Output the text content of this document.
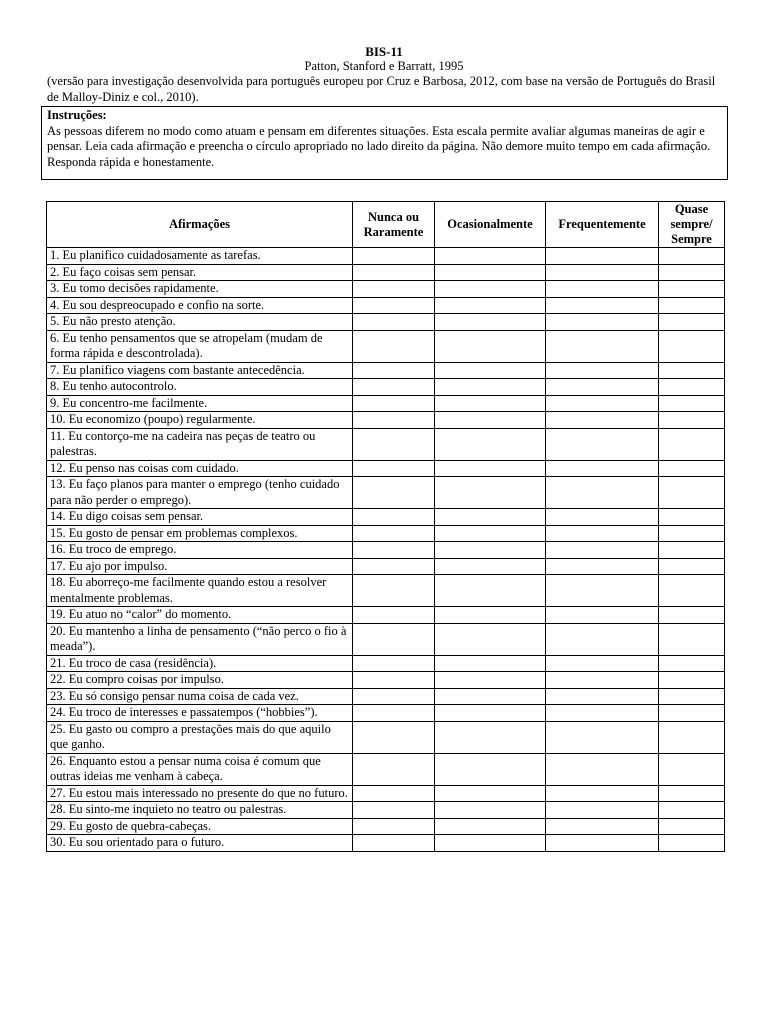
BIS-11
Patton, Stanford e Barratt, 1995
(versão para investigação desenvolvida para português europeu por Cruz e Barbosa, 2012, com base na versão de Português do Brasil de Malloy-Diniz e col., 2010).
Instruções:
As pessoas diferem no modo como atuam e pensam em diferentes situações. Esta escala permite avaliar algumas maneiras de agir e pensar. Leia cada afirmação e preencha o círculo apropriado no lado direito da página. Não demore muito tempo em cada afirmação. Responda rápida e honestamente.
Afirmações	Nunca ou Raramente	Ocasionalmente	Frequentemente	Quase sempre/ Sempre
1. Eu planifico cuidadosamente as tarefas.				
2. Eu faço coisas sem pensar.				
3. Eu tomo decisões rapidamente.				
4. Eu sou despreocupado e confio na sorte.				
5. Eu não presto atenção.				
6. Eu tenho pensamentos que se atropelam (mudam de forma rápida e descontrolada).				
7. Eu planifico viagens com bastante antecedência.				
8. Eu tenho autocontrolo.				
9. Eu concentro-me facilmente.				
10. Eu economizo (poupo) regularmente.				
11. Eu contorço-me na cadeira nas peças de teatro ou palestras.				
12. Eu penso nas coisas com cuidado.				
13. Eu faço planos para manter o emprego (tenho cuidado para não perder o emprego).				
14. Eu digo coisas sem pensar.				
15. Eu gosto de pensar em problemas complexos.				
16. Eu troco de emprego.				
17. Eu ajo por impulso.				
18. Eu aborreço-me facilmente quando estou a resolver mentalmente problemas.				
19. Eu atuo no “calor” do momento.				
20. Eu mantenho a linha de pensamento (“não perco o fio à meada”).				
21. Eu troco de casa (residência).				
22. Eu compro coisas por impulso.				
23. Eu só consigo pensar numa coisa de cada vez.				
24. Eu troco de interesses e passatempos (“hobbies”).				
25. Eu gasto ou compro a prestações mais do que aquilo que ganho.				
26. Enquanto estou a pensar numa coisa é comum que outras ideias me venham à cabeça.				
27. Eu estou mais interessado no presente do que no futuro.				
28. Eu sinto-me inquieto no teatro ou palestras.				
29. Eu gosto de quebra-cabeças.				
30. Eu sou orientado para o futuro.				
